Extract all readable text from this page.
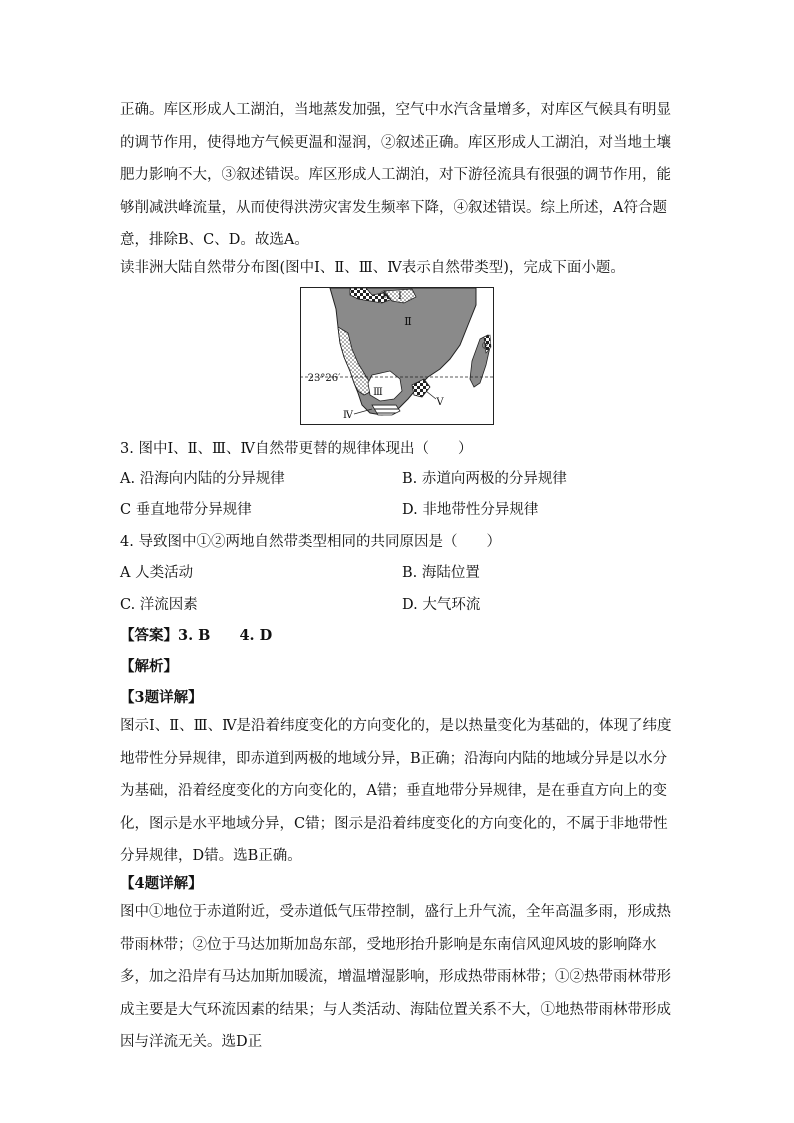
正确。库区形成人工湖泊，当地蒸发加强，空气中水汽含量增多，对库区气候具有明显的调节作用，使得地方气候更温和湿润，②叙述正确。库区形成人工湖泊，对当地土壤肥力影响不大，③叙述错误。库区形成人工湖泊，对下游径流具有很强的调节作用，能够削减洪峰流量，从而使得洪涝灾害发生频率下降，④叙述错误。综上所述，A符合题意，排除B、C、D。故选A。

读非洲大陆自然带分布图(图中Ⅰ、Ⅱ、Ⅲ、Ⅳ表示自然带类型)，完成下面小题。
① Ⅰ
Ⅱ
②
23°26′
Ⅲ
Ⅳ
Ⅴ
3. 图中Ⅰ、Ⅱ、Ⅲ、Ⅳ自然带更替的规律体现出（　　）
A. 沿海向内陆的分异规律	B. 赤道向两极的分异规律
C 垂直地带分异规律	D. 非地带性分异规律
4. 导致图中①②两地自然带类型相同的共同原因是（　　）
A 人类活动	B. 海陆位置
C. 洋流因素	D. 大气环流
【答案】3. B　　4. D
【解析】
【3题详解】

图示Ⅰ、Ⅱ、Ⅲ、Ⅳ是沿着纬度变化的方向变化的，是以热量变化为基础的，体现了纬度地带性分异规律，即赤道到两极的地域分异，B正确；沿海向内陆的地域分异是以水分为基础，沿着经度变化的方向变化的，A错；垂直地带分异规律，是在垂直方向上的变化，图示是水平地域分异，C错；图示是沿着纬度变化的方向变化的，不属于非地带性分异规律，D错。选B正确。

【4题详解】

图中①地位于赤道附近，受赤道低气压带控制，盛行上升气流，全年高温多雨，形成热带雨林带；②位于马达加斯加岛东部，受地形抬升影响是东南信风迎风坡的影响降水多，加之沿岸有马达加斯加暖流，增温增湿影响，形成热带雨林带；①②热带雨林带形成主要是大气环流因素的结果；与人类活动、海陆位置关系不大，①地热带雨林带形成因与洋流无关。选D正
